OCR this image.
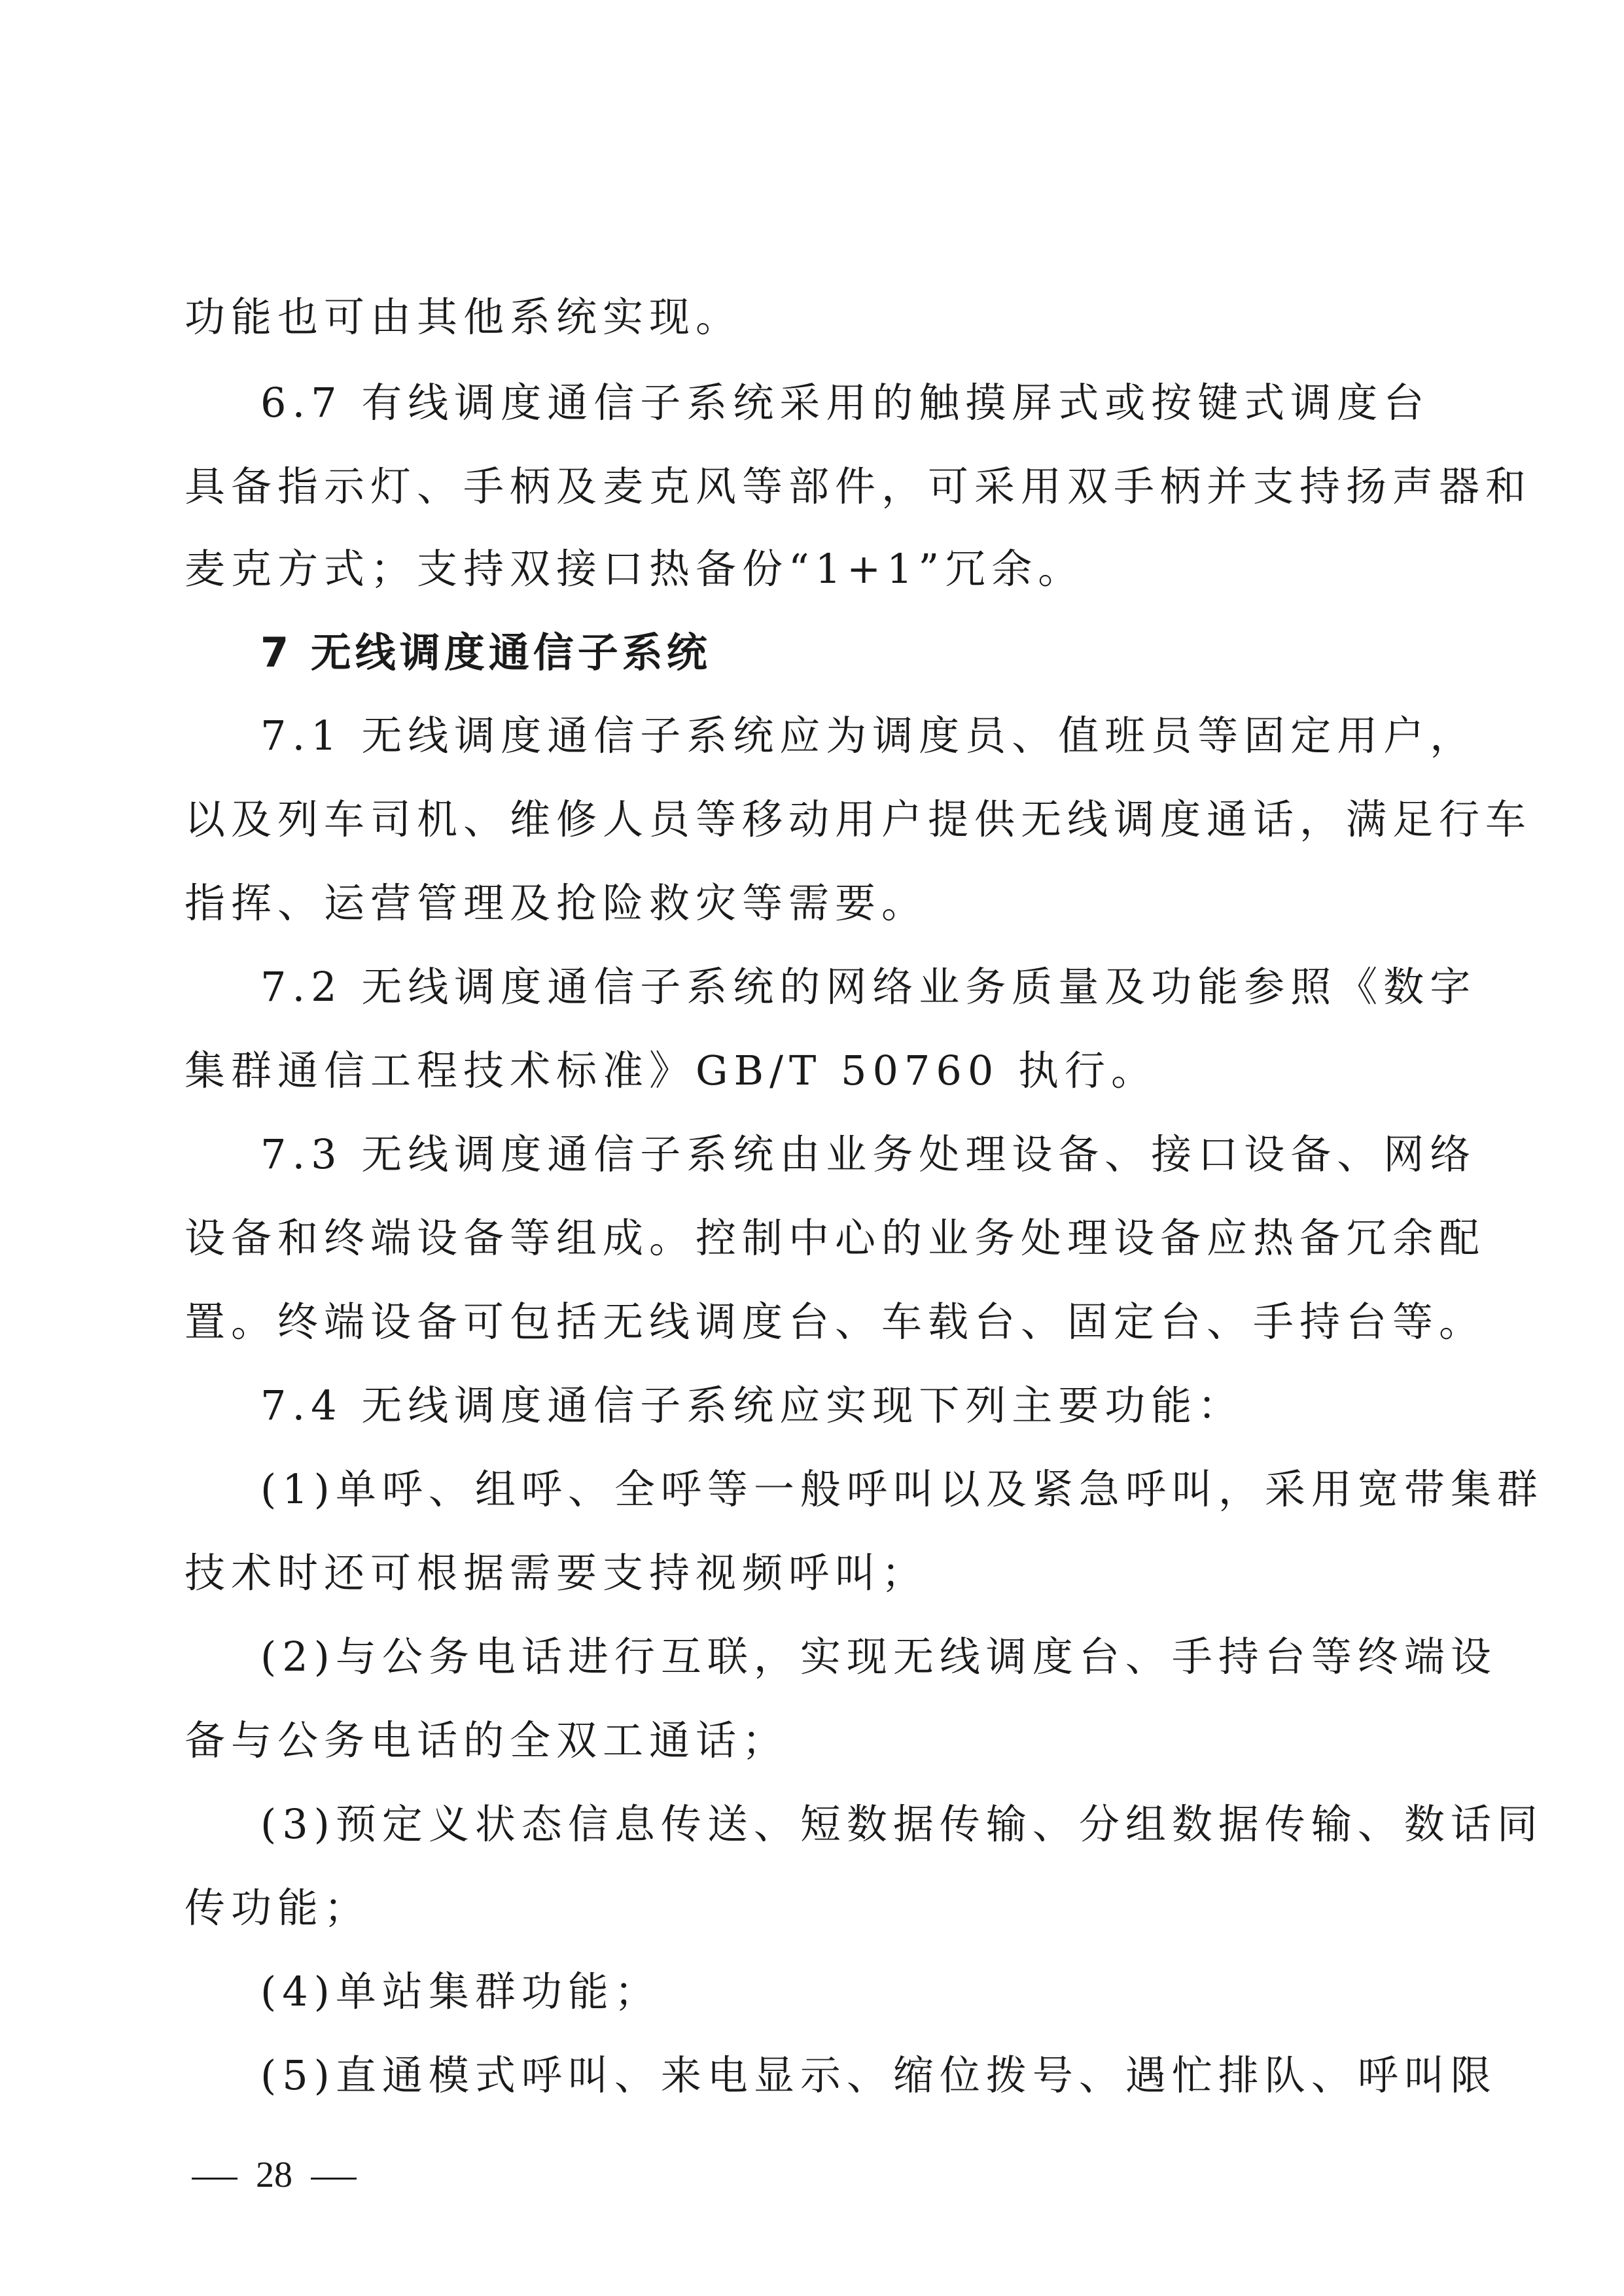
功能也可由其他系统实现。
6.7 有线调度通信子系统采用的触摸屏式或按键式调度台
具备指示灯、手柄及麦克风等部件，可采用双手柄并支持扬声器和
麦克方式；支持双接口热备份“1+1”冗余。
7 无线调度通信子系统
7.1 无线调度通信子系统应为调度员、值班员等固定用户，
以及列车司机、维修人员等移动用户提供无线调度通话，满足行车
指挥、运营管理及抢险救灾等需要。
7.2 无线调度通信子系统的网络业务质量及功能参照《数字
集群通信工程技术标准》GB/T 50760 执行。
7.3 无线调度通信子系统由业务处理设备、接口设备、网络
设备和终端设备等组成。控制中心的业务处理设备应热备冗余配
置。终端设备可包括无线调度台、车载台、固定台、手持台等。
7.4 无线调度通信子系统应实现下列主要功能：
(1)单呼、组呼、全呼等一般呼叫以及紧急呼叫，采用宽带集群
技术时还可根据需要支持视频呼叫；
(2)与公务电话进行互联，实现无线调度台、手持台等终端设
备与公务电话的全双工通话；
(3)预定义状态信息传送、短数据传输、分组数据传输、数话同
传功能；
(4)单站集群功能；
(5)直通模式呼叫、来电显示、缩位拨号、遇忙排队、呼叫限
28
